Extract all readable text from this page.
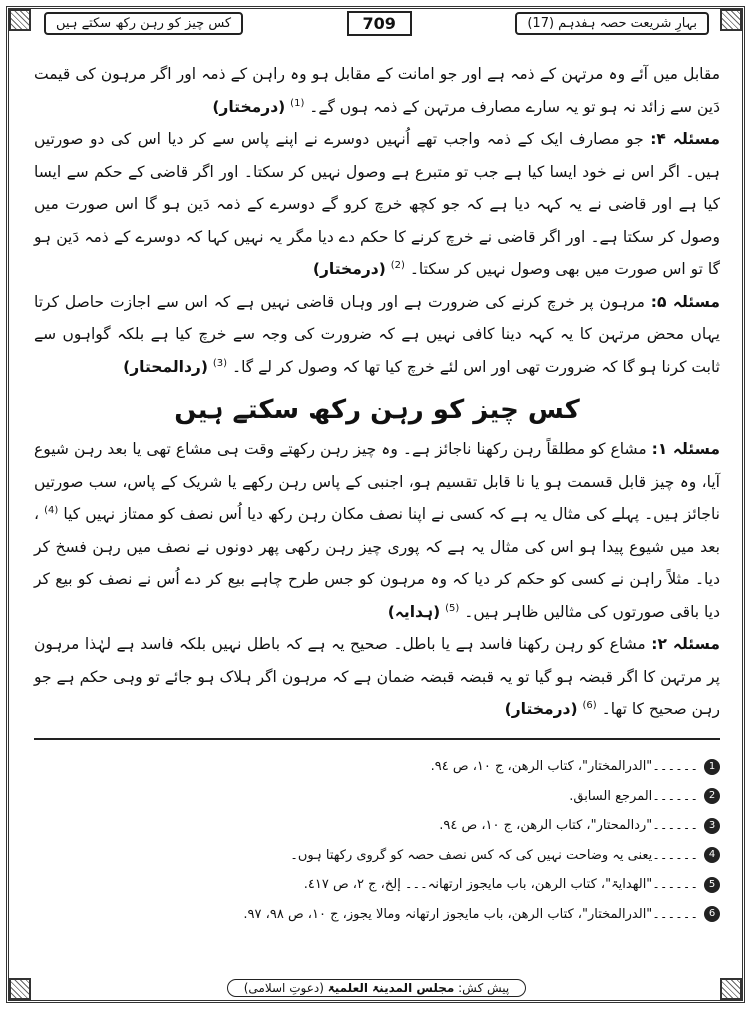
کس چیز کو رہن رکھ سکتے ہیں	709	بہارِ شریعت حصہ ہفدہم (17)

مقابل میں آئے وہ مرتہن کے ذمہ ہے اور جو امانت کے مقابل ہو وہ راہن کے ذمہ اور اگر مرہون کی قیمت دَین سے زائد نہ ہو تو یہ سارے مصارف مرتہن کے ذمہ ہوں گے۔ $^{(1)}$ (درمختار)

مسئلہ ۴: جو مصارف ایک کے ذمہ واجب تھے اُنہیں دوسرے نے اپنے پاس سے کر دیا اس کی دو صورتیں ہیں۔ اگر اس نے خود ایسا کیا ہے جب تو متبرع ہے وصول نہیں کر سکتا۔ اور اگر قاضی کے حکم سے ایسا کیا ہے اور قاضی نے یہ کہہ دیا ہے کہ جو کچھ خرچ کرو گے دوسرے کے ذمہ دَین ہو گا اس صورت میں وصول کر سکتا ہے۔ اور اگر قاضی نے خرچ کرنے کا حکم دے دیا مگر یہ نہیں کہا کہ دوسرے کے ذمہ دَین ہو گا تو اس صورت میں بھی وصول نہیں کر سکتا۔ $^{(2)}$ (درمختار)

مسئلہ ۵: مرہون پر خرچ کرنے کی ضرورت ہے اور وہاں قاضی نہیں ہے کہ اس سے اجازت حاصل کرتا یہاں محض مرتہن کا یہ کہہ دینا کافی نہیں ہے کہ ضرورت کی وجہ سے خرچ کیا ہے بلکہ گواہوں سے ثابت کرنا ہو گا کہ ضرورت تھی اور اس لئے خرچ کیا تھا کہ وصول کر لے گا۔ $^{(3)}$ (ردالمحتار)

کس چیز کو رہن رکھ سکتے ہیں

مسئلہ ۱: مشاع کو مطلقاً رہن رکھنا ناجائز ہے۔ وہ چیز رہن رکھتے وقت ہی مشاع تھی یا بعد رہن شیوع آیا، وہ چیز قابل قسمت ہو یا نا قابل تقسیم ہو، اجنبی کے پاس رہن رکھے یا شریک کے پاس، سب صورتیں ناجائز ہیں۔ پہلے کی مثال یہ ہے کہ کسی نے اپنا نصف مکان رہن رکھ دیا اُس نصف کو ممتاز نہیں کیا $^{(4)}$ ، بعد میں شیوع پیدا ہو اس کی مثال یہ ہے کہ پوری چیز رہن رکھی پھر دونوں نے نصف میں رہن فسخ کر دیا۔ مثلاً راہن نے کسی کو حکم کر دیا کہ وہ مرہون کو جس طرح چاہے بیع کر دے اُس نے نصف کو بیع کر دیا باقی صورتوں کی مثالیں ظاہر ہیں۔ $^{(5)}$ (ہدایہ)

مسئلہ ۲: مشاع کو رہن رکھنا فاسد ہے یا باطل۔ صحیح یہ ہے کہ باطل نہیں بلکہ فاسد ہے لہٰذا مرہون پر مرتہن کا اگر قبضہ ہو گیا تو یہ قبضہ قبضہ ضمان ہے کہ مرہون اگر ہلاک ہو جائے تو وہی حکم ہے جو رہن صحیح کا تھا۔ $^{(6)}$ (درمختار)

1
۔۔۔۔۔۔"الدرالمختار"، کتاب الرھن، ج ۱۰، ص ۹٤.
2
۔۔۔۔۔۔المرجع السابق.
3
۔۔۔۔۔۔"ردالمحتار"، کتاب الرھن، ج ۱۰، ص ۹٤.
4
۔۔۔۔۔۔یعنی یہ وضاحت نہیں کی کہ کس نصف حصہ کو گروی رکھتا ہوں۔
5
۔۔۔۔۔۔"الھدایۃ"، کتاب الرھن، باب مایجوز ارتھانہ۔۔۔ إلخ، ج ۲، ص ٤١٧.
6
۔۔۔۔۔۔"الدرالمختار"، کتاب الرھن، باب مایجوز ارتھانہ ومالا یجوز، ج ۱۰، ص ۹۸، ۹۷.
پیش کش: مجلس المدینۃ العلمیۃ (دعوتِ اسلامی)
